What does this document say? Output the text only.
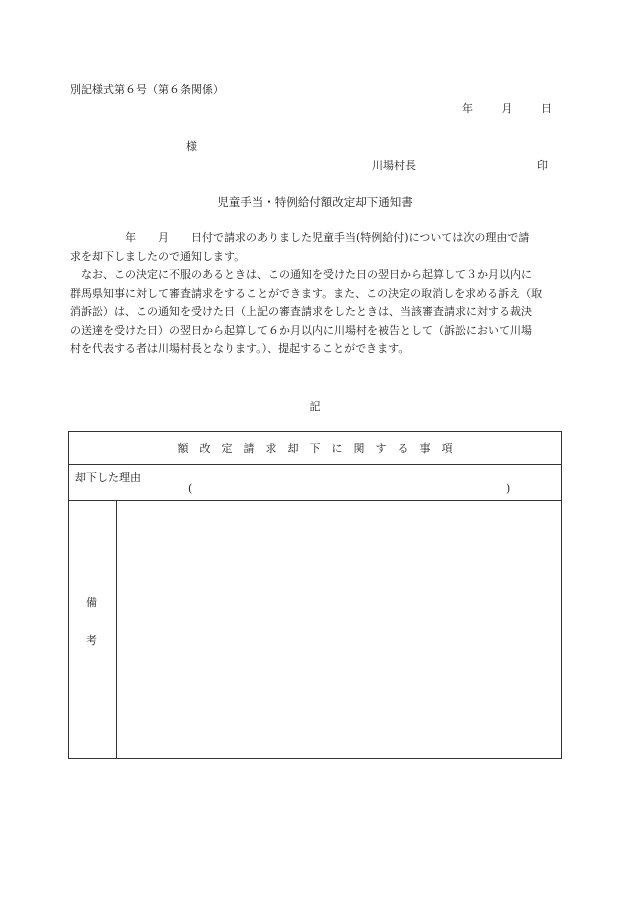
別記様式第６号（第６条関係）
年	月	日
様
川場村長	印
児童手当・特例給付額改定却下通知書
　　　　　年　　月　　日付で請求のありました児童手当(特例給付)については次の理由で請
求を却下しましたので通知します。
　なお、この決定に不服のあるときは、この通知を受けた日の翌日から起算して３か月以内に
群馬県知事に対して審査請求をすることができます。また、この決定の取消しを求める訴え（取
消訴訟）は、この通知を受けた日（上記の審査請求をしたときは、当該審査請求に対する裁決
の送達を受けた日）の翌日から起算して６か月以内に川場村を被告として（訴訟において川場
村を代表する者は川場村長となります。）、提起することができます。
記
額改定請求却下に関する事項
却下した理由
(	)
備
考
